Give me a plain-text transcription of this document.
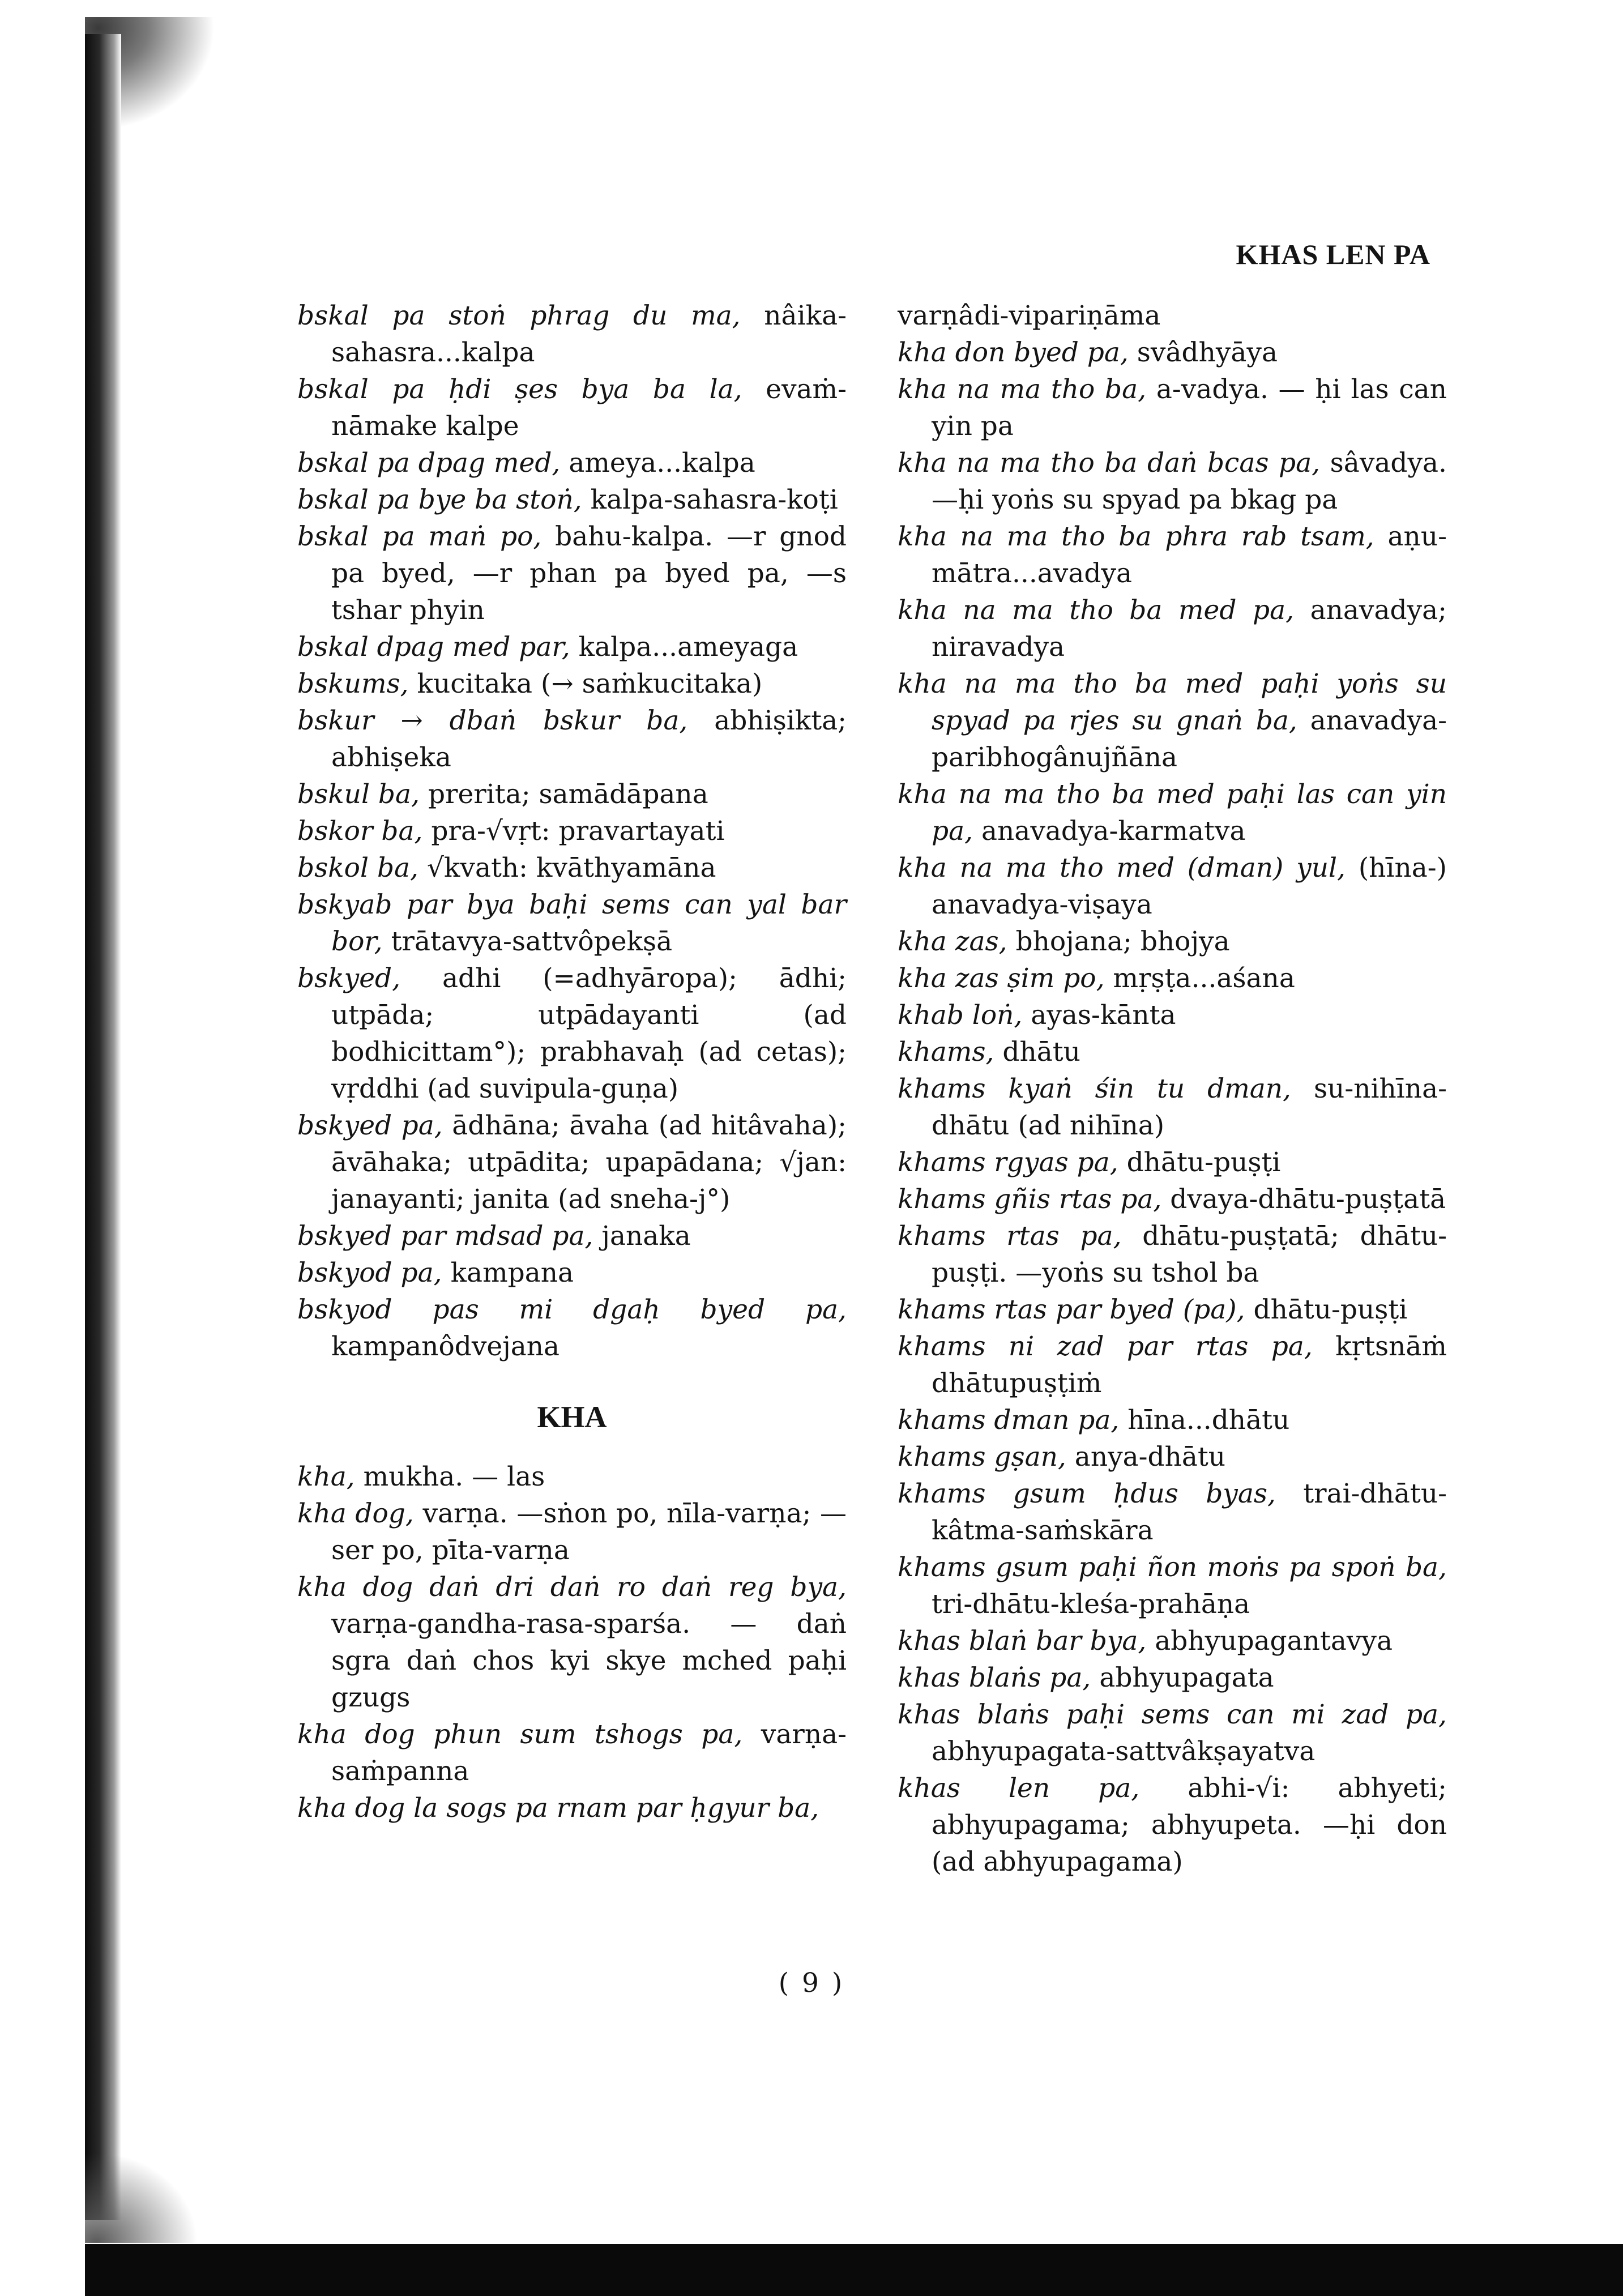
KHAS LEN PA
bskal pa stoṅ phrag du ma, nâika-sahasra...kalpa
bskal pa ḥdi ṣes bya ba la, evaṁ-nāmake kalpe
bskal pa dpag med, ameya...kalpa
bskal pa bye ba stoṅ, kalpa-sahasra-koṭi
bskal pa maṅ po, bahu-kalpa. —r gnod pa byed, —r phan pa byed pa, —s tshar phyin
bskal dpag med par, kalpa...ameyaga
bskums, kucitaka (→ saṁkucitaka)
bskur → dbaṅ bskur ba, abhiṣikta; abhiṣeka
bskul ba, prerita; samādāpana
bskor ba, pra-√vṛt: pravartayati
bskol ba, √kvath: kvāthyamāna
bskyab par bya baḥi sems can yal bar bor, trātavya-sattvôpekṣā
bskyed, adhi (=adhyāropa); ādhi; utpāda; utpādayanti (ad bodhicittam°); prabhavaḥ (ad cetas); vṛddhi (ad suvipula-guṇa)
bskyed pa, ādhāna; āvaha (ad hitâvaha); āvāhaka; utpādita; upapādana; √jan: janayanti; janita (ad sneha-j°)
bskyed par mdsad pa, janaka
bskyod pa, kampana
bskyod pas mi dgaḥ byed pa, kampanôdvejana
KHA
kha, mukha. — las
kha dog, varṇa. —sṅon po, nīla-varṇa; —ser po, pīta-varṇa
kha dog daṅ dri daṅ ro daṅ reg bya, varṇa-gandha-rasa-sparśa. — daṅ sgra daṅ chos kyi skye mched paḥi gzugs
kha dog phun sum tshogs pa, varṇa-saṁpanna
kha dog la sogs pa rnam par ḥgyur ba,
varṇâdi-vipariṇāma
kha don byed pa, svâdhyāya
kha na ma tho ba, a-vadya. — ḥi las can yin pa
kha na ma tho ba daṅ bcas pa, sâvadya. —ḥi yoṅs su spyad pa bkag pa
kha na ma tho ba phra rab tsam, aṇu-mātra...avadya
kha na ma tho ba med pa, anavadya; niravadya
kha na ma tho ba med paḥi yoṅs su spyad pa rjes su gnaṅ ba, anavadya-paribhogânujñāna
kha na ma tho ba med paḥi las can yin pa, anavadya-karmatva
kha na ma tho med (dman) yul, (hīna-) anavadya-viṣaya
kha zas, bhojana; bhojya
kha zas ṣim po, mṛṣṭa...aśana
khab loṅ, ayas-kānta
khams, dhātu
khams kyaṅ śin tu dman, su-nihīna-dhātu (ad nihīna)
khams rgyas pa, dhātu-puṣṭi
khams gñis rtas pa, dvaya-dhātu-puṣṭatā
khams rtas pa, dhātu-puṣṭatā; dhātu-puṣṭi. —yoṅs su tshol ba
khams rtas par byed (pa), dhātu-puṣṭi
khams ni zad par rtas pa, kṛtsnāṁ dhātupuṣṭiṁ
khams dman pa, hīna...dhātu
khams gṣan, anya-dhātu
khams gsum ḥdus byas, trai-dhātu-kâtma-saṁskāra
khams gsum paḥi ñon moṅs pa spoṅ ba, tri-dhātu-kleśa-prahāṇa
khas blaṅ bar bya, abhyupagantavya
khas blaṅs pa, abhyupagata
khas blaṅs paḥi sems can mi zad pa, abhyupagata-sattvâkṣayatva
khas len pa, abhi-√i: abhyeti; abhyupagama; abhyupeta. —ḥi don (ad abhyupagama)
( 9 )
